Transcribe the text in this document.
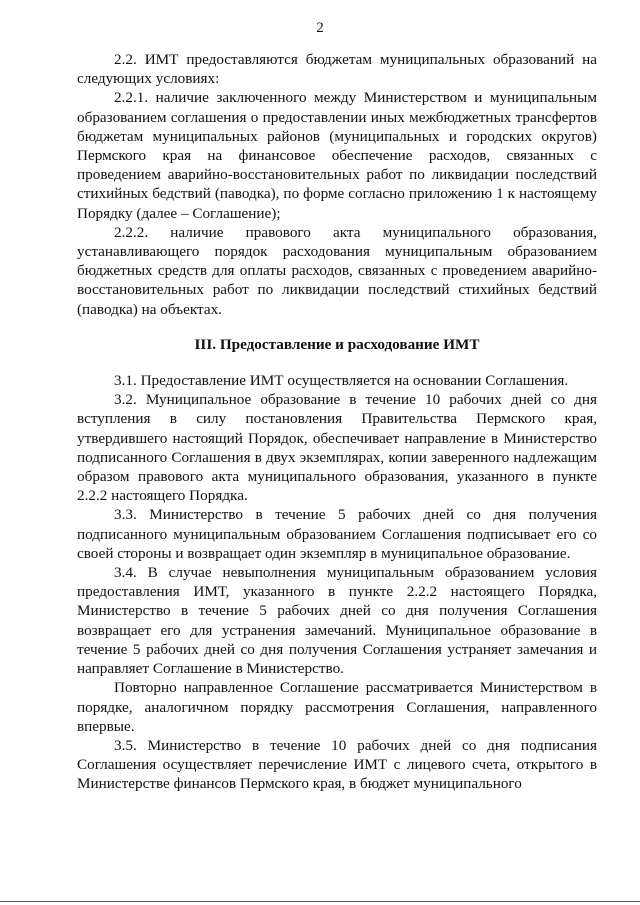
2

2.2. ИМТ предоставляются бюджетам муниципальных образований на следующих условиях:

2.2.1. наличие заключенного между Министерством и муниципальным образованием соглашения о предоставлении иных межбюджетных трансфертов бюджетам муниципальных районов (муниципальных и городских округов) Пермского края на финансовое обеспечение расходов, связанных с проведением аварийно-восстановительных работ по ликвидации последствий стихийных бедствий (паводка), по форме согласно приложению 1 к настоящему Порядку (далее – Соглашение);

2.2.2. наличие правового акта муниципального образования, устанавливающего порядок расходования муниципальным образованием бюджетных средств для оплаты расходов, связанных с проведением аварийно-восстановительных работ по ликвидации последствий стихийных бедствий (паводка) на объектах.

III. Предоставление и расходование ИМТ

3.1. Предоставление ИМТ осуществляется на основании Соглашения.

3.2. Муниципальное образование в течение 10 рабочих дней со дня вступления в силу постановления Правительства Пермского края, утвердившего настоящий Порядок, обеспечивает направление в Министерство подписанного Соглашения в двух экземплярах, копии заверенного надлежащим образом правового акта муниципального образования, указанного в пункте 2.2.2 настоящего Порядка.

3.3. Министерство в течение 5 рабочих дней со дня получения подписанного муниципальным образованием Соглашения подписывает его со своей стороны и возвращает один экземпляр в муниципальное образование.

3.4. В случае невыполнения муниципальным образованием условия предоставления ИМТ, указанного в пункте 2.2.2 настоящего Порядка, Министерство в течение 5 рабочих дней со дня получения Соглашения возвращает его для устранения замечаний. Муниципальное образование в течение 5 рабочих дней со дня получения Соглашения устраняет замечания и направляет Соглашение в Министерство.

Повторно направленное Соглашение рассматривается Министерством в порядке, аналогичном порядку рассмотрения Соглашения, направленного впервые.

3.5. Министерство в течение 10 рабочих дней со дня подписания Соглашения осуществляет перечисление ИМТ с лицевого счета, открытого в Министерстве финансов Пермского края, в бюджет муниципального
